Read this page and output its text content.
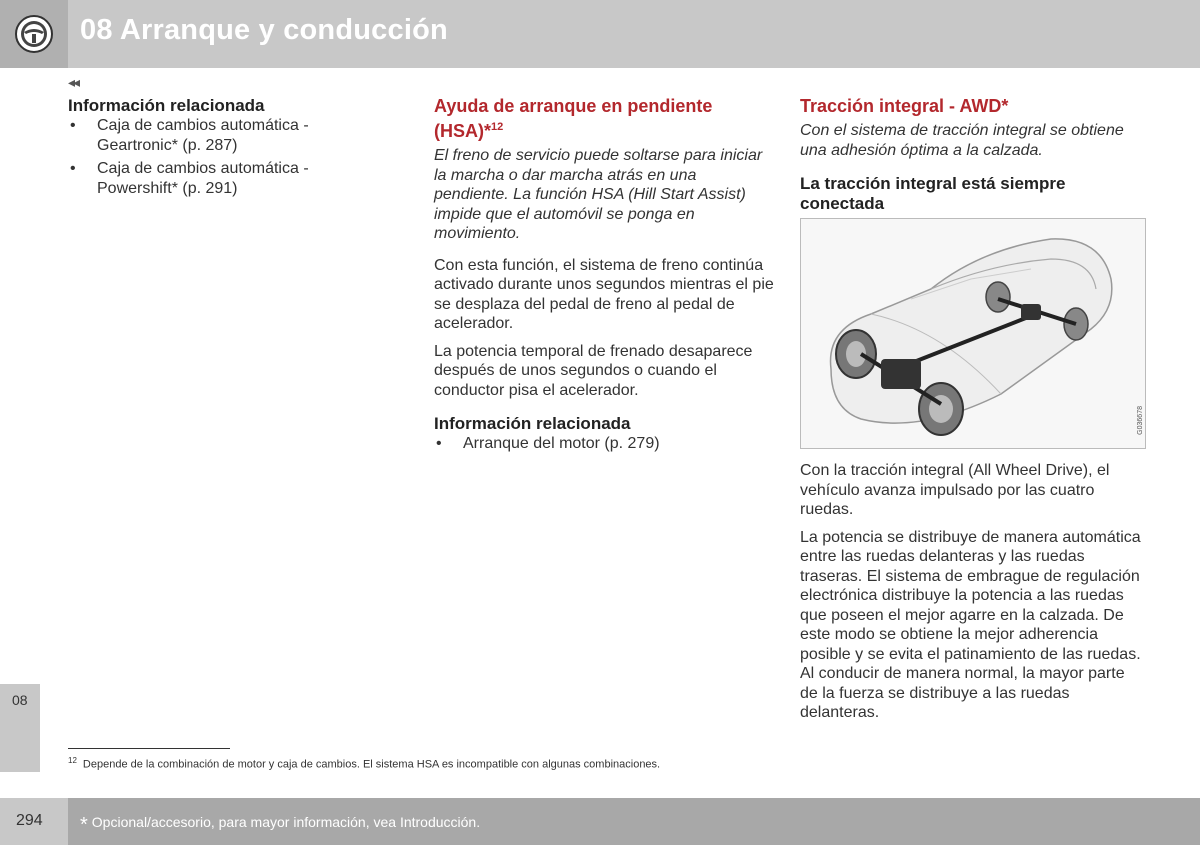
08 Arranque y conducción
◂◂
08
Información relacionada
• Caja de cambios automática - Geartronic* (p. 287)
• Caja de cambios automática - Powershift* (p. 291)
Ayuda de arranque en pendiente (HSA)*$^{12}$

El freno de servicio puede soltarse para iniciar la marcha o dar marcha atrás en una pendiente. La función HSA (Hill Start Assist) impide que el automóvil se ponga en movimiento.

Con esta función, el sistema de freno continúa activado durante unos segundos mientras el pie se desplaza del pedal de freno al pedal de acelerador.

La potencia temporal de frenado desaparece después de unos segundos o cuando el conductor pisa el acelerador.

Información relacionada
• Arranque del motor (p. 279)
Tracción integral - AWD*

Con el sistema de tracción integral se obtiene una adhesión óptima a la calzada.

La tracción integral está siempre conectada
G036678

Con la tracción integral (All Wheel Drive), el vehículo avanza impulsado por las cuatro ruedas.

La potencia se distribuye de manera automática entre las ruedas delanteras y las ruedas traseras. El sistema de embrague de regulación electrónica distribuye la potencia a las ruedas que poseen el mejor agarre en la calzada. De este modo se obtiene la mejor adherencia posible y se evita el patinamiento de las ruedas. Al conducir de manera normal, la mayor parte de la fuerza se distribuye a las ruedas delanteras.

$^{12}$ Depende de la combinación de motor y caja de cambios. El sistema HSA es incompatible con algunas combinaciones.
294 * Opcional/accesorio, para mayor información, vea Introducción.
